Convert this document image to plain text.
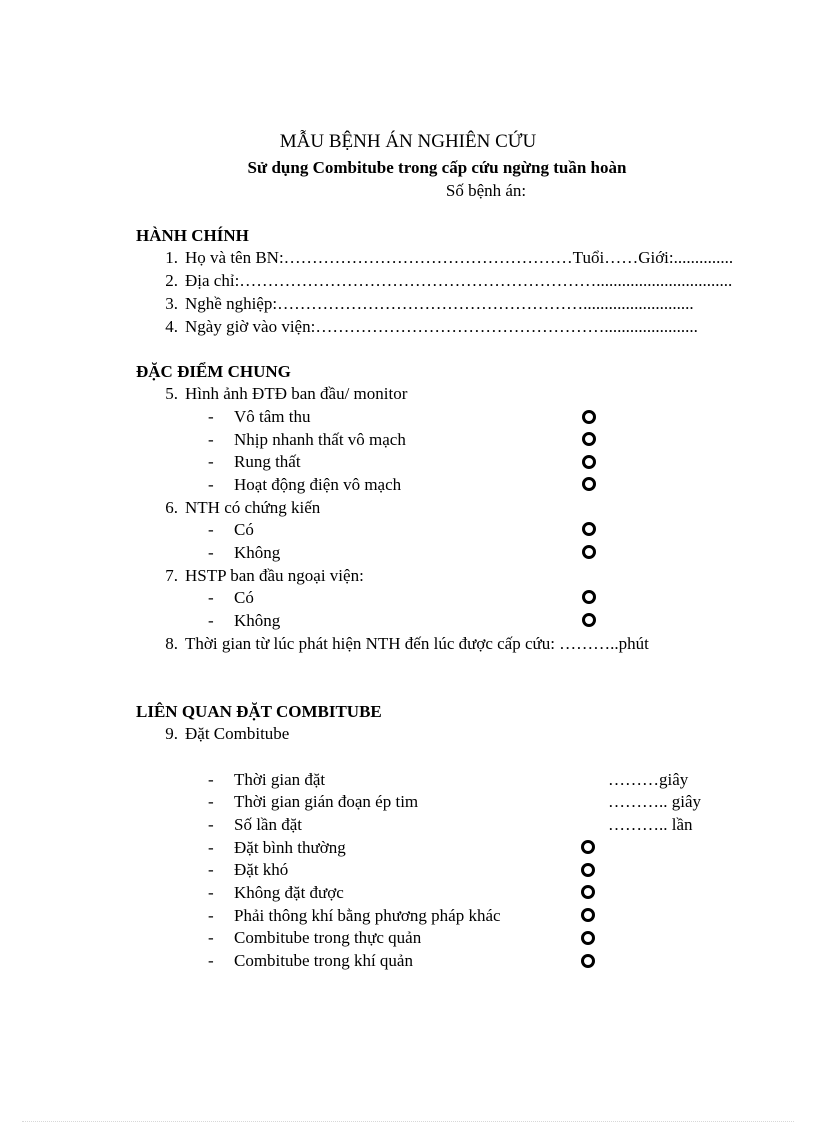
MẪU BỆNH ÁN NGHIÊN CỨU
Sử dụng Combitube trong cấp cứu ngừng tuần hoàn
Số bệnh án:
HÀNH CHÍNH
1. Họ và tên BN:……………………………………………Tuổi……Giới:..............
2. Địa chỉ:………………………………………………………................................
3. Nghề nghiệp:………………………………………………..........................
4. Ngày giờ vào viện:……………………………………………......................
ĐẶC ĐIỂM CHUNG
5. Hình ảnh ĐTĐ ban đầu/ monitor
- Vô tâm thu
- Nhịp nhanh thất vô mạch
- Rung thất
- Hoạt động điện vô mạch
6. NTH có chứng kiến
- Có
- Không
7. HSTP ban đầu ngoại viện:
- Có
- Không
8. Thời gian từ lúc phát hiện NTH đến lúc được cấp cứu: ………..phút
LIÊN QUAN ĐẶT COMBITUBE
9. Đặt Combitube
- Thời gian đặt	………giây
- Thời gian gián đoạn ép tim	……….. giây
- Số lần đặt	……….. lần
- Đặt bình thường
- Đặt khó
- Không đặt được
- Phải thông khí bằng phương pháp khác
- Combitube trong thực quản
- Combitube trong khí quản
